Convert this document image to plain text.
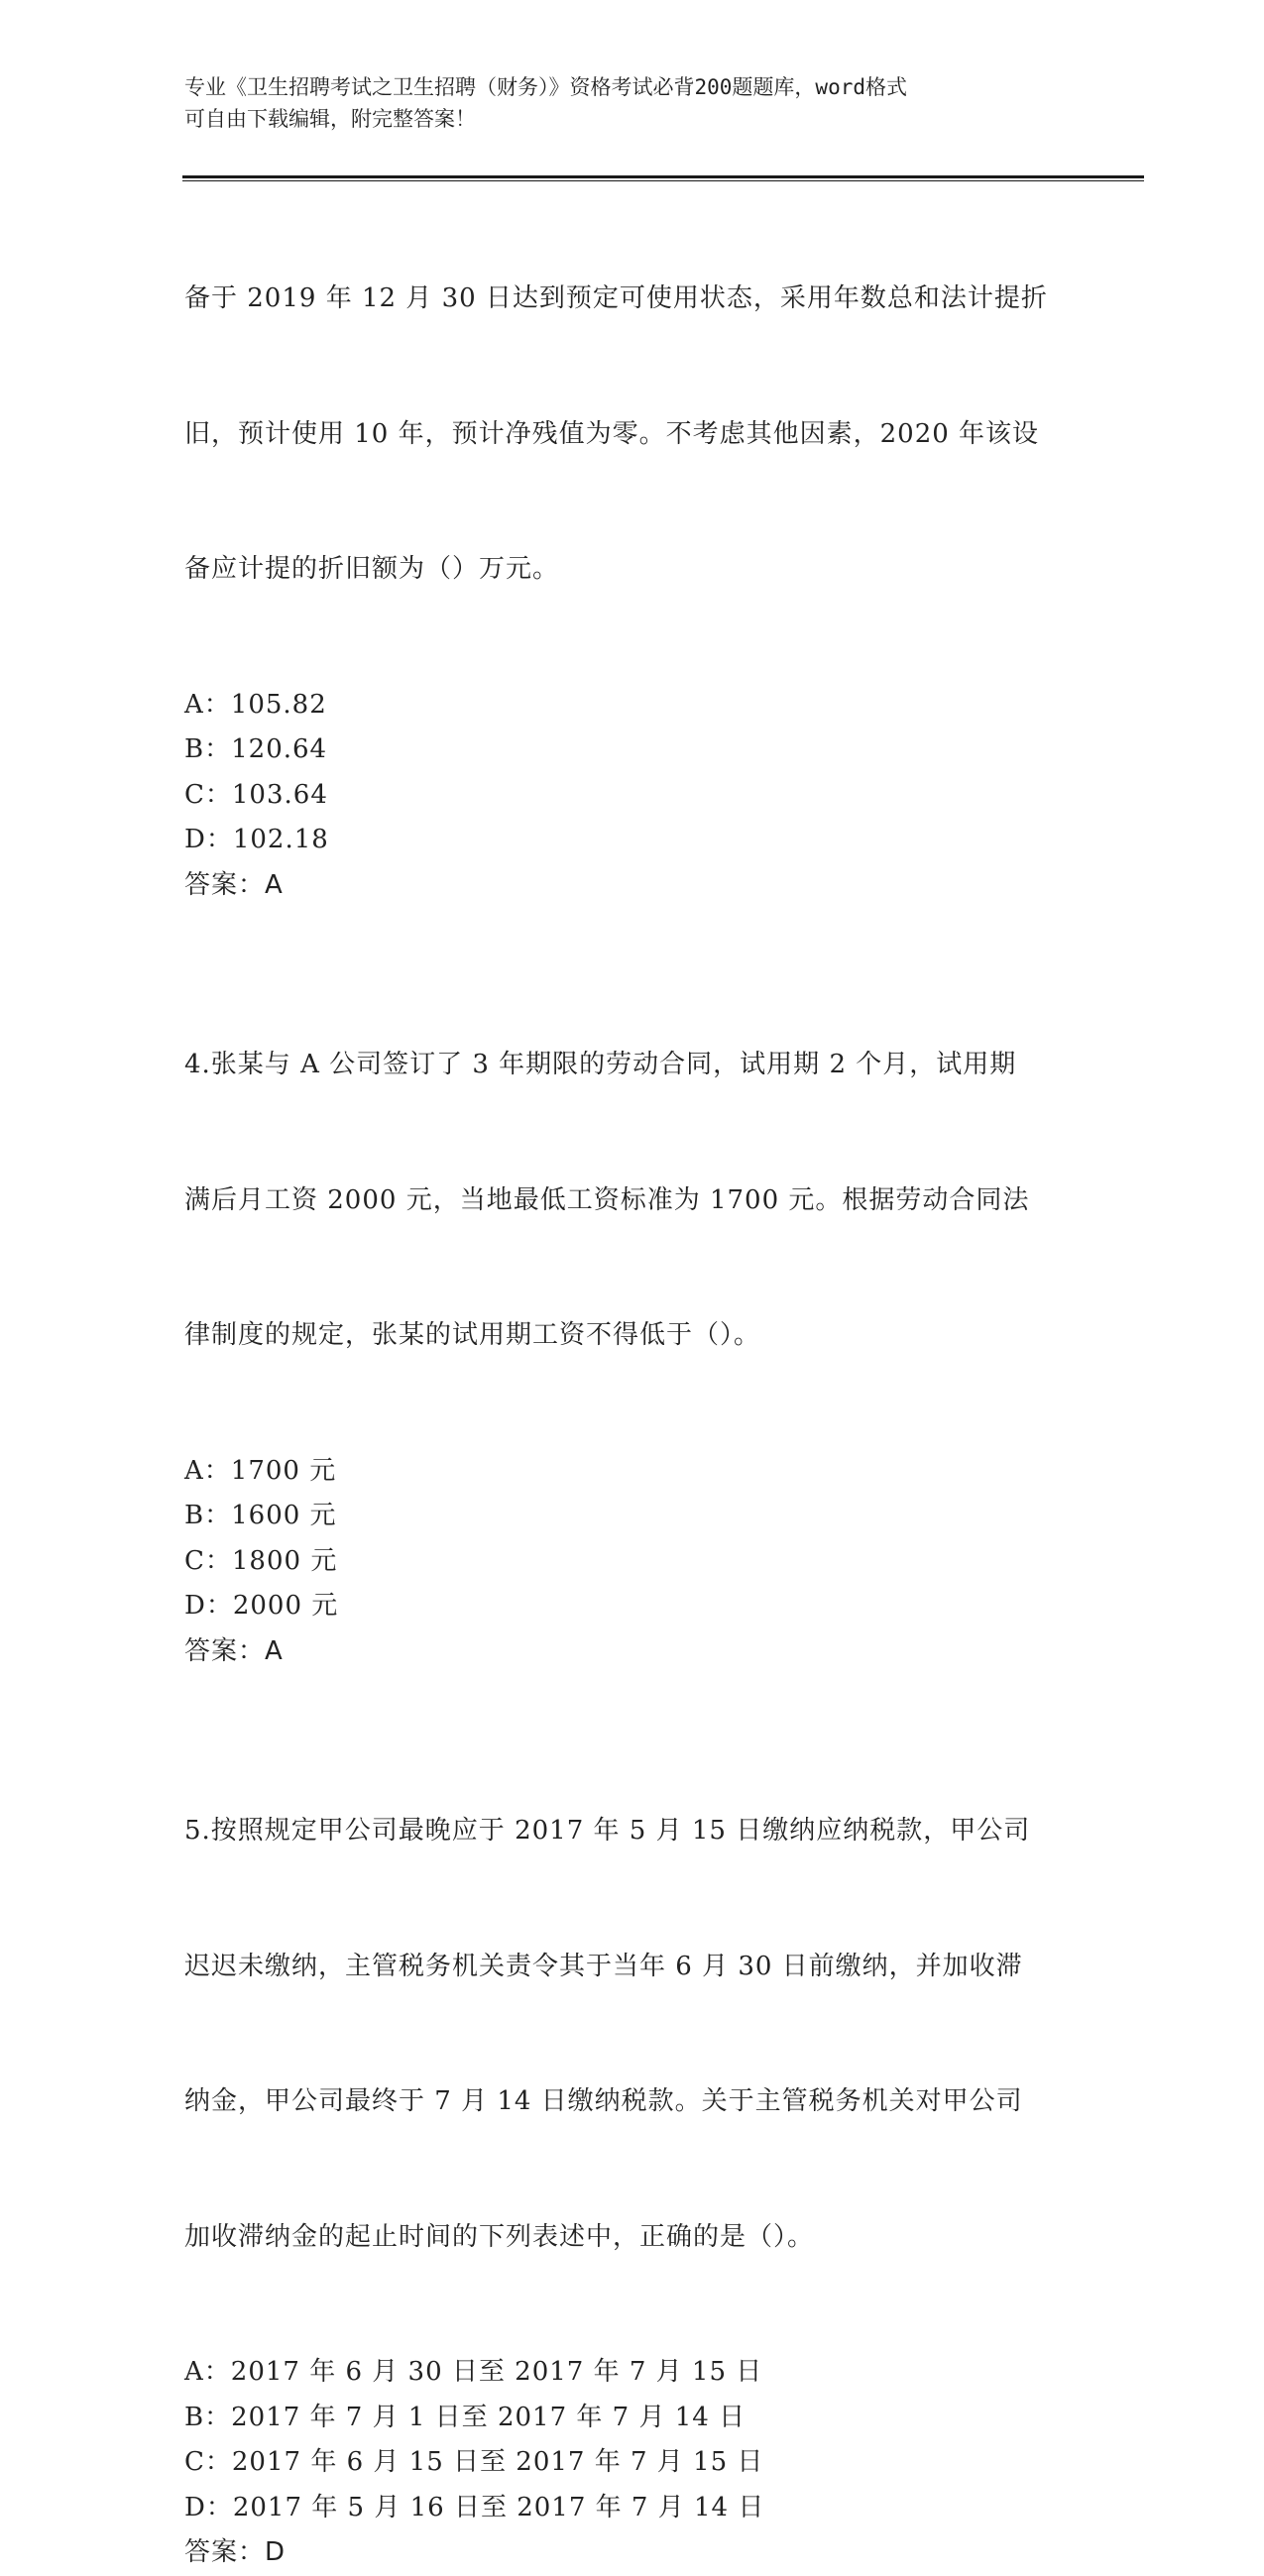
专业《卫生招聘考试之卫生招聘（财务）》资格考试必背200题题库，word格式
可自由下载编辑，附完整答案！

备于 2019 年 12 月 30 日达到预定可使用状态，采用年数总和法计提折

旧，预计使用 10 年，预计净残值为零。不考虑其他因素，2020 年该设

备应计提的折旧额为（）万元。

A：105.82
B：120.64
C：103.64
D：102.18
答案：A

4.张某与 A 公司签订了 3 年期限的劳动合同，试用期 2 个月，试用期

满后月工资 2000 元，当地最低工资标准为 1700 元。根据劳动合同法

律制度的规定，张某的试用期工资不得低于（）。

A：1700 元
B：1600 元
C：1800 元
D：2000 元
答案：A

5.按照规定甲公司最晚应于 2017 年 5 月 15 日缴纳应纳税款，甲公司

迟迟未缴纳，主管税务机关责令其于当年 6 月 30 日前缴纳，并加收滞

纳金，甲公司最终于 7 月 14 日缴纳税款。关于主管税务机关对甲公司

加收滞纳金的起止时间的下列表述中，正确的是（）。

A：2017 年 6 月 30 日至 2017 年 7 月 15 日
B：2017 年 7 月 1 日至 2017 年 7 月 14 日
C：2017 年 6 月 15 日至 2017 年 7 月 15 日
D：2017 年 5 月 16 日至 2017 年 7 月 14 日
答案：D
